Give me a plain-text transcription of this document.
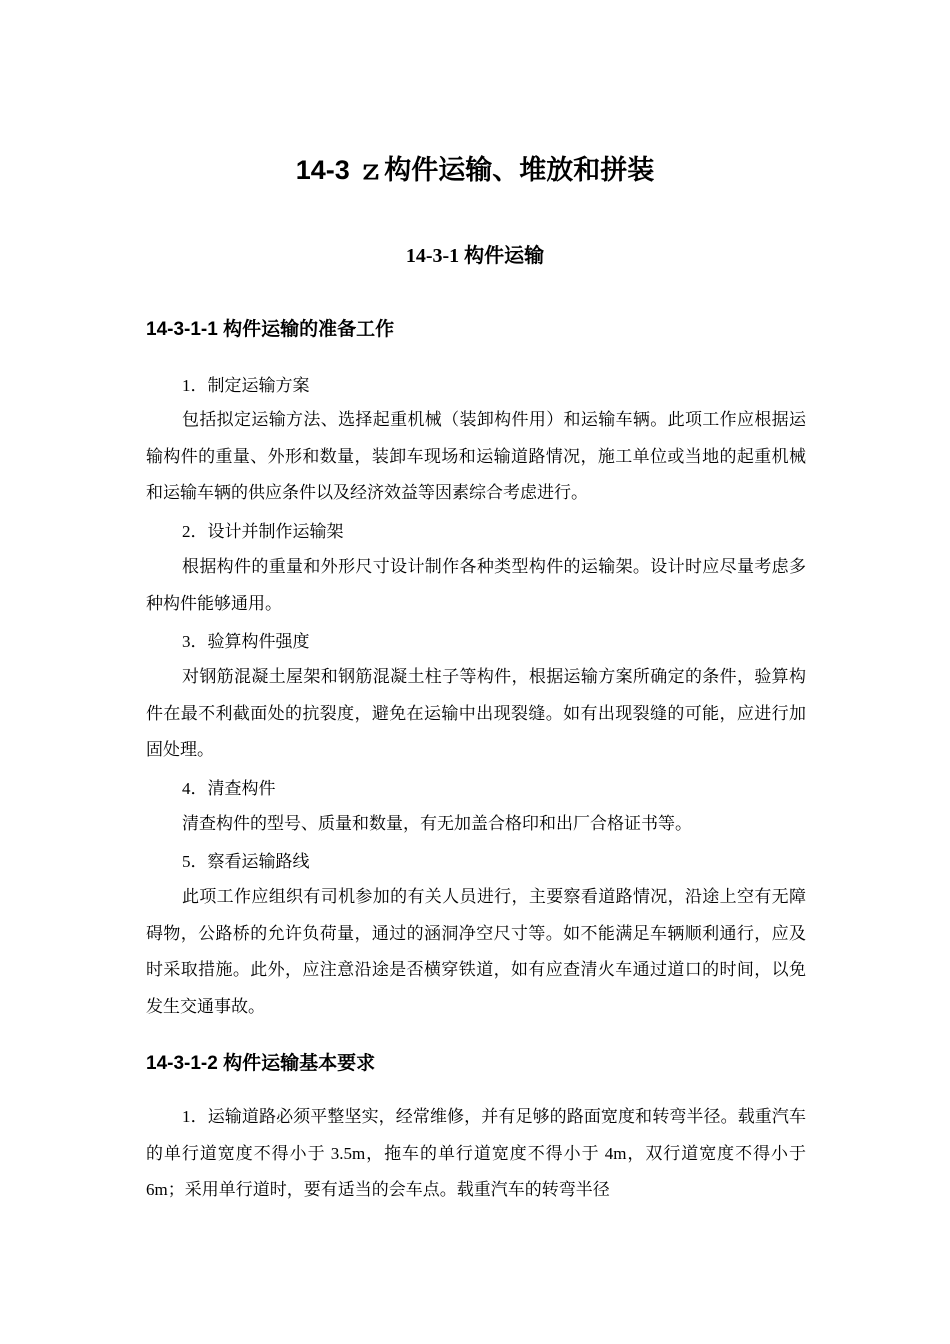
14-3 ｚ构件运输、堆放和拼装
14-3-1 构件运输
14-3-1-1 构件运输的准备工作

1．制定运输方案

包括拟定运输方法、选择起重机械（装卸构件用）和运输车辆。此项工作应根据运输构件的重量、外形和数量，装卸车现场和运输道路情况，施工单位或当地的起重机械和运输车辆的供应条件以及经济效益等因素综合考虑进行。

2．设计并制作运输架

根据构件的重量和外形尺寸设计制作各种类型构件的运输架。设计时应尽量考虑多种构件能够通用。

3．验算构件强度

对钢筋混凝土屋架和钢筋混凝土柱子等构件，根据运输方案所确定的条件，验算构件在最不利截面处的抗裂度，避免在运输中出现裂缝。如有出现裂缝的可能，应进行加固处理。

4．清查构件

清查构件的型号、质量和数量，有无加盖合格印和出厂合格证书等。

5．察看运输路线

此项工作应组织有司机参加的有关人员进行，主要察看道路情况，沿途上空有无障碍物，公路桥的允许负荷量，通过的涵洞净空尺寸等。如不能满足车辆顺利通行，应及时采取措施。此外，应注意沿途是否横穿铁道，如有应查清火车通过道口的时间，以免发生交通事故。

14-3-1-2 构件运输基本要求

1．运输道路必须平整坚实，经常维修，并有足够的路面宽度和转弯半径。载重汽车的单行道宽度不得小于 3.5m，拖车的单行道宽度不得小于 4m，双行道宽度不得小于 6m；采用单行道时，要有适当的会车点。载重汽车的转弯半径
